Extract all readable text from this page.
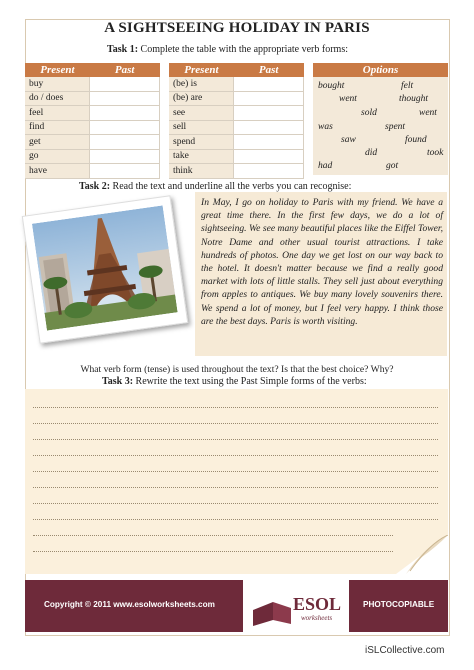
A SIGHTSEEING HOLIDAY IN PARIS
Task 1: Complete the table with the appropriate verb forms:
Present	Past
buy	
do / does	
feel	
find	
get	
go	
have	
Present	Past
(be) is	
(be) are	
see	
sell	
spend	
take	
think	
Options
bought	felt
went	thought
sold	went
was	spent
saw	found
did	took
had	got
Task 2: Read the text and underline all the verbs you can recognise:

In May, I go on holiday to Paris with my friend. We have a great time there. In the first few days, we do a lot of sightseeing. We see many beautiful places like the Eiffel Tower, Notre Dame and other usual tourist attractions. I take hundreds of photos. One day we get lost on our way back to the hotel. It doesn't matter because we find a really good market with lots of little stalls. They sell just about everything from apples to antiques. We buy many lovely souvenirs there. We spend a lot of money, but I feel very happy. I think those are the best days. Paris is worth visiting.

What verb form (tense) is used throughout the text? Is that the best choice? Why?
Task 3: Rewrite the text using the Past Simple forms of the verbs:
Copyright © 2011 www.esolworksheets.com	ESOL
worksheets
PHOTOCOPIABLE
iSLCollective.com
